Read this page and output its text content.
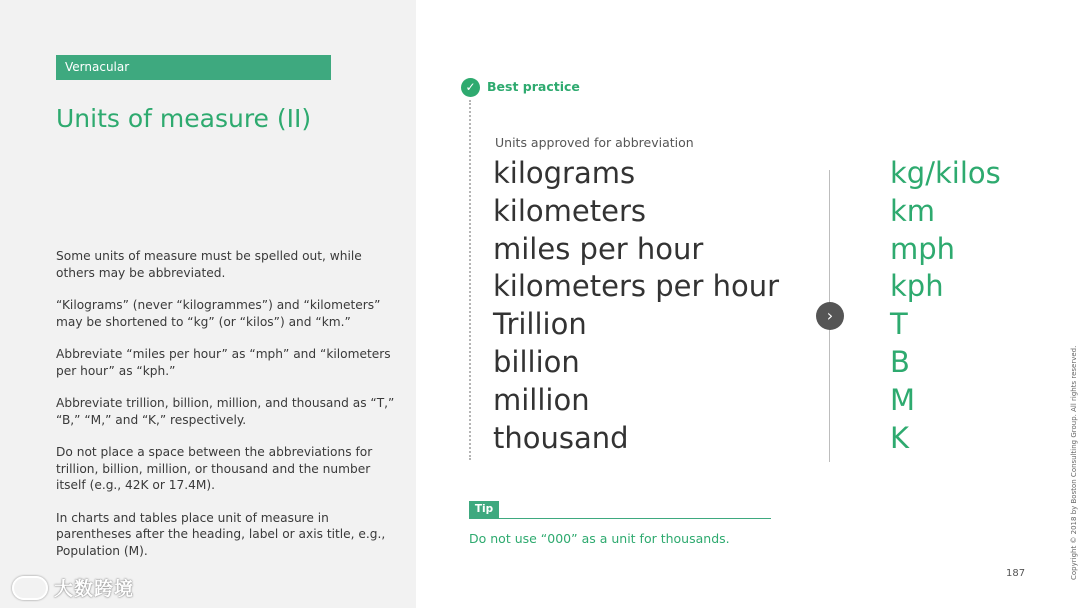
Vernacular
Units of measure (II)

Some units of measure must be spelled out, while others may be abbreviated.

“Kilograms” (never “kilogrammes”) and “kilometers” may be shortened to “kg” (or “kilos”) and “km.”

Abbreviate “miles per hour” as “mph” and “kilometers per hour” as “kph.”

Abbreviate trillion, billion, million, and thousand as “T,” “B,” “M,” and “K,” respectively.

Do not place a space between the abbreviations for trillion, billion, million, or thousand and the number itself (e.g., 42K or 17.4M).

In charts and tables place unit of measure in parentheses after the heading, label or axis title, e.g., Population (M).

大数跨境
✓ Best practice
Units approved for abbreviation
kilograms
kilometers
miles per hour
kilometers per hour
Trillion
billion
million
thousand
›
kg/kilos
km
mph
kph
T
B
M
K
Tip
Do not use “000” as a unit for thousands.
187	Copyright © 2018 by Boston Consulting Group. All rights reserved.
